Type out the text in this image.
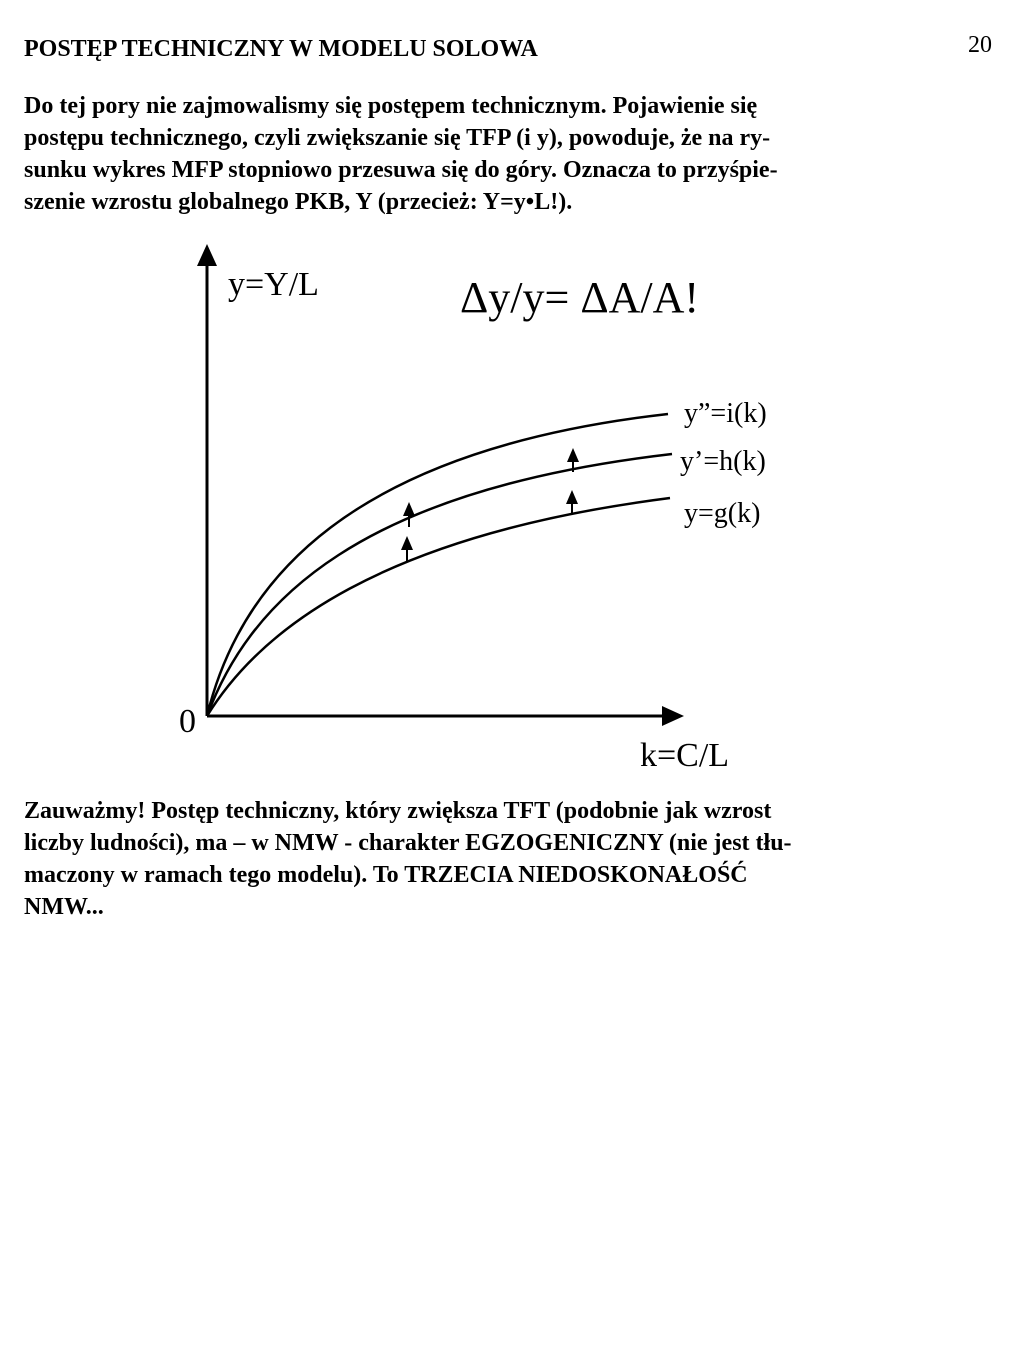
POSTĘP TECHNICZNY W MODELU SOLOWA	20
Do tej pory nie zajmowalismy się postępem technicznym. Pojawienie się
postępu technicznego, czyli zwiększanie się TFP (i y), powoduje, że na ry-
sunku wykres MFP stopniowo przesuwa się do góry. Oznacza to przyśpie-
szenie wzrostu globalnego PKB, Y (przecież: Y=y•L!).
y=Y/L	Δy/y= ΔA/A!
y”=i(k)
y’=h(k)
y=g(k)
0
k=C/L
Zauważmy! Postęp techniczny, który zwiększa TFT (podobnie jak wzrost
liczby ludności), ma – w NMW - charakter EGZOGENICZNY (nie jest tłu-
maczony w ramach tego modelu). To TRZECIA NIEDOSKONAŁOŚĆ
NMW...
